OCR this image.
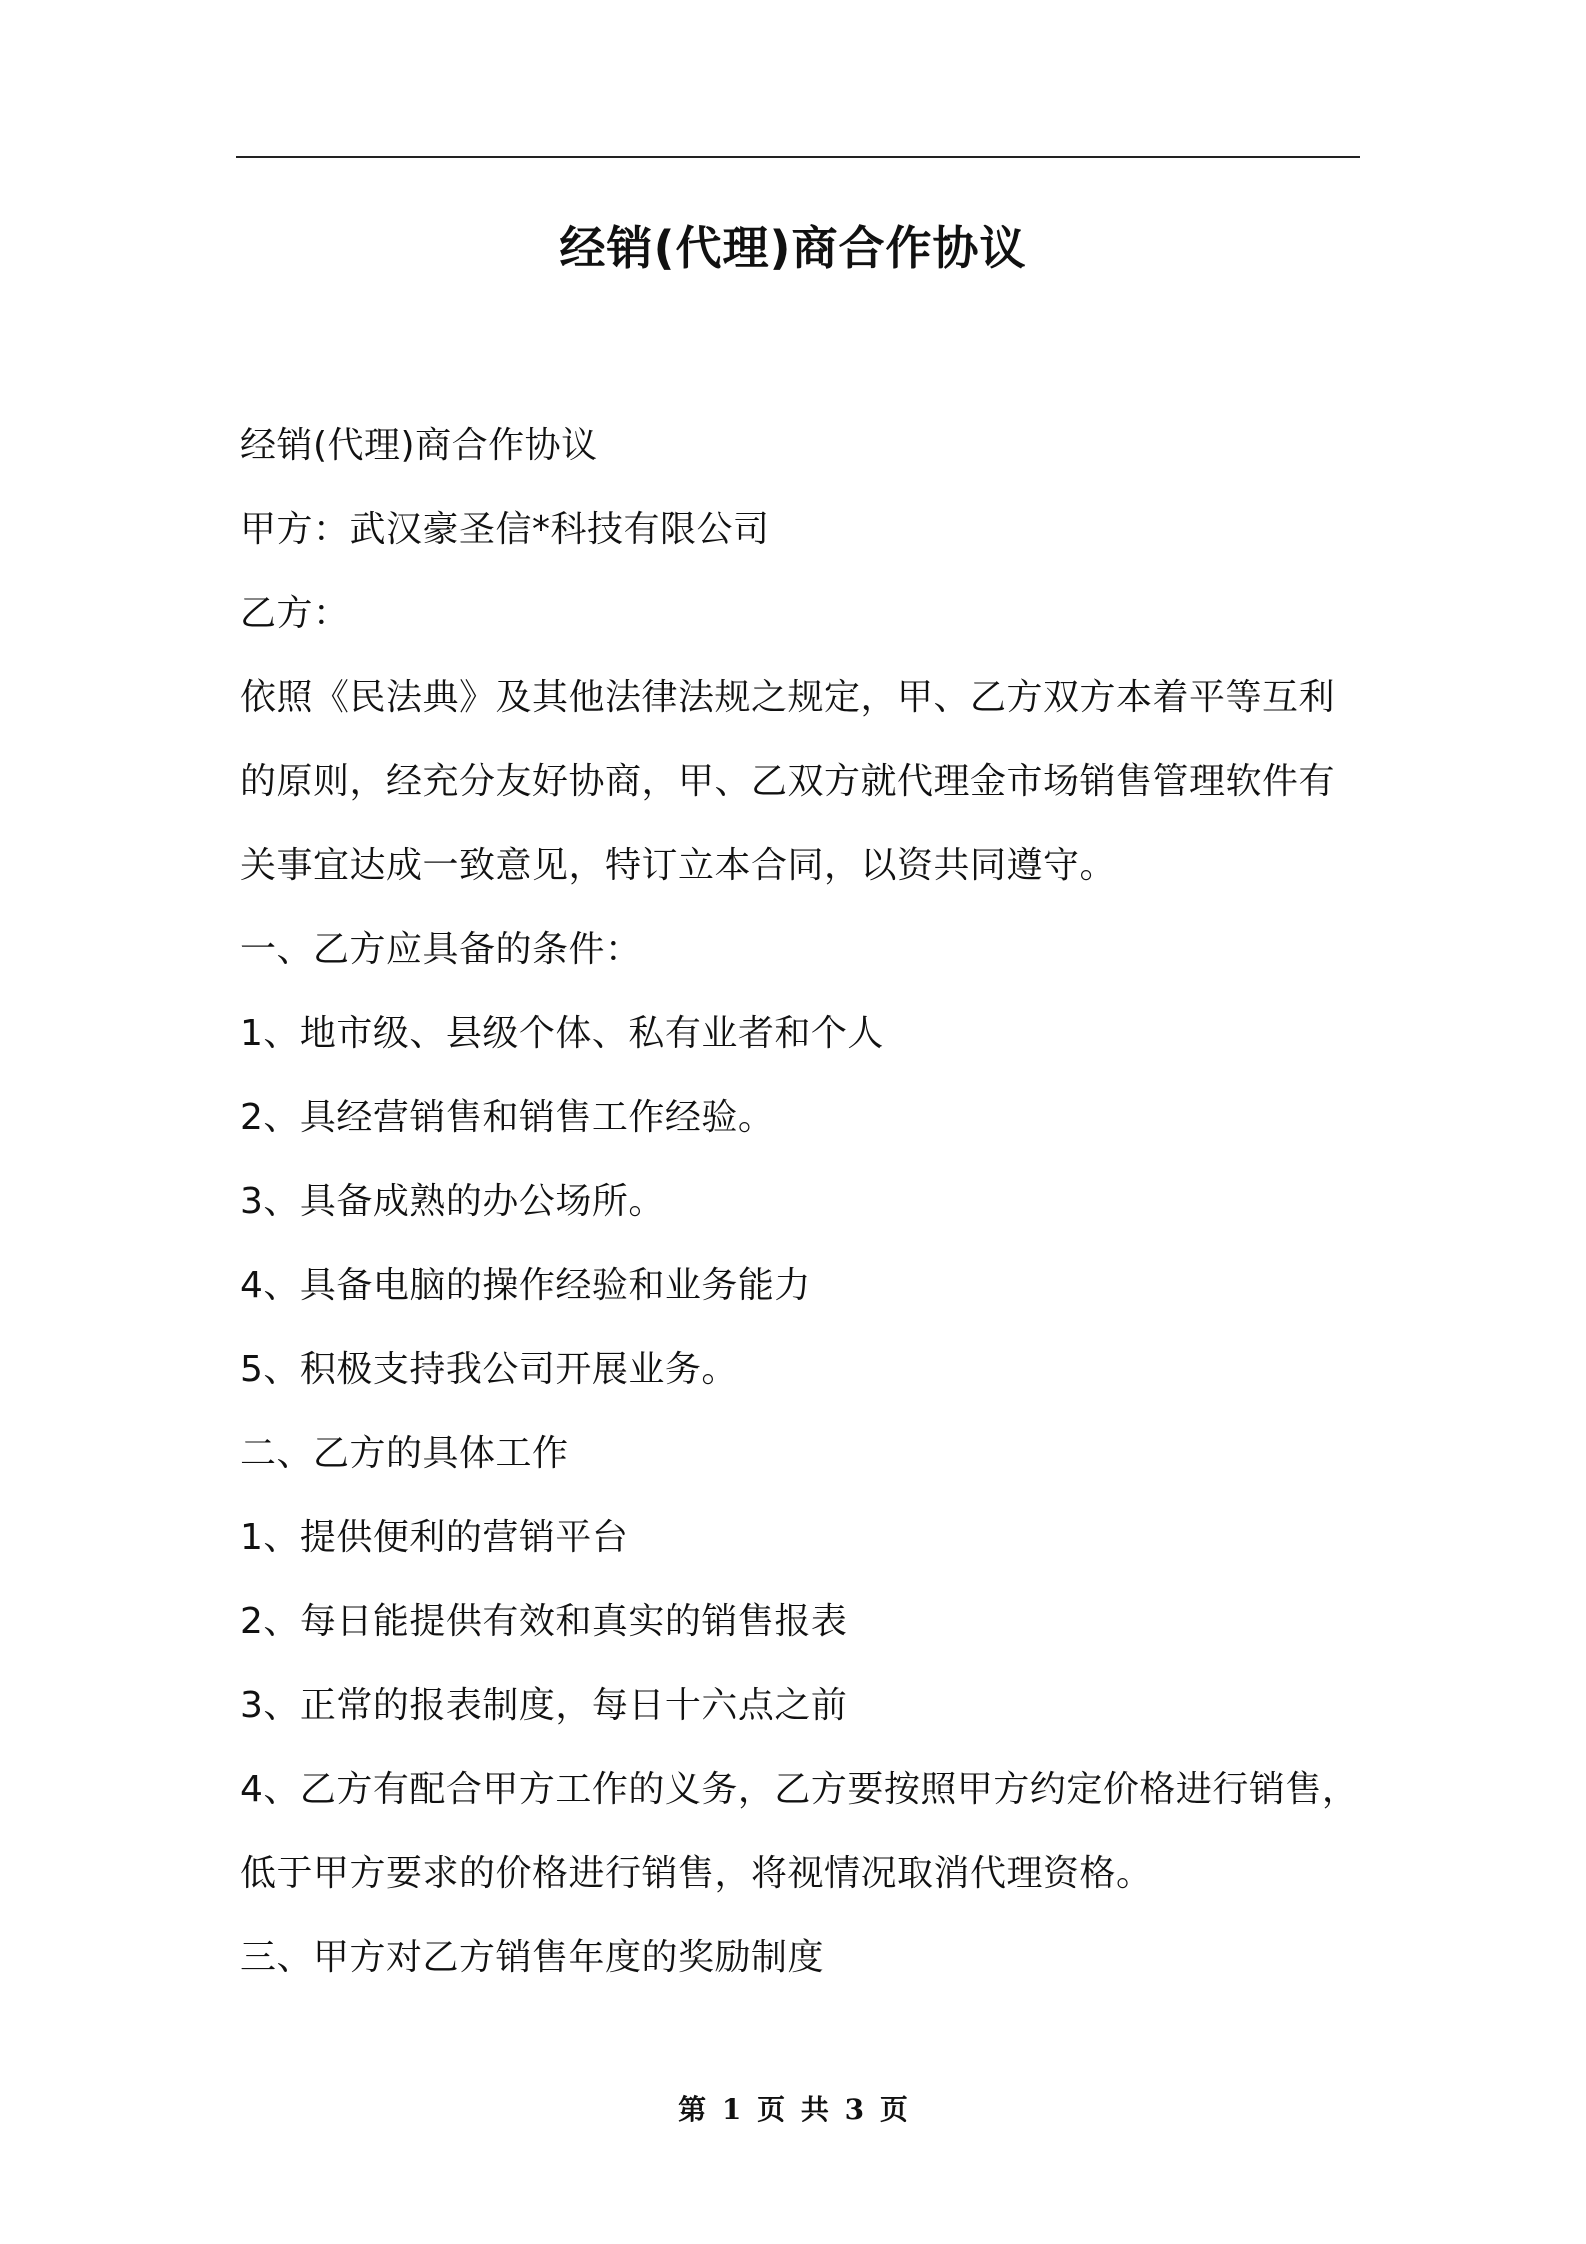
经销(代理)商合作协议
经销(代理)商合作协议
甲方：武汉豪圣信*科技有限公司
乙方：
依照《民法典》及其他法律法规之规定，甲、乙方双方本着平等互利
的原则，经充分友好协商，甲、乙双方就代理金市场销售管理软件有
关事宜达成一致意见，特订立本合同，以资共同遵守。
一、乙方应具备的条件：
1、地市级、县级个体、私有业者和个人
2、具经营销售和销售工作经验。
3、具备成熟的办公场所。
4、具备电脑的操作经验和业务能力
5、积极支持我公司开展业务。
二、乙方的具体工作
1、提供便利的营销平台
2、每日能提供有效和真实的销售报表
3、正常的报表制度，每日十六点之前
4、乙方有配合甲方工作的义务，乙方要按照甲方约定价格进行销售，
低于甲方要求的价格进行销售，将视情况取消代理资格。
三、甲方对乙方销售年度的奖励制度
第 1 页 共 3 页
